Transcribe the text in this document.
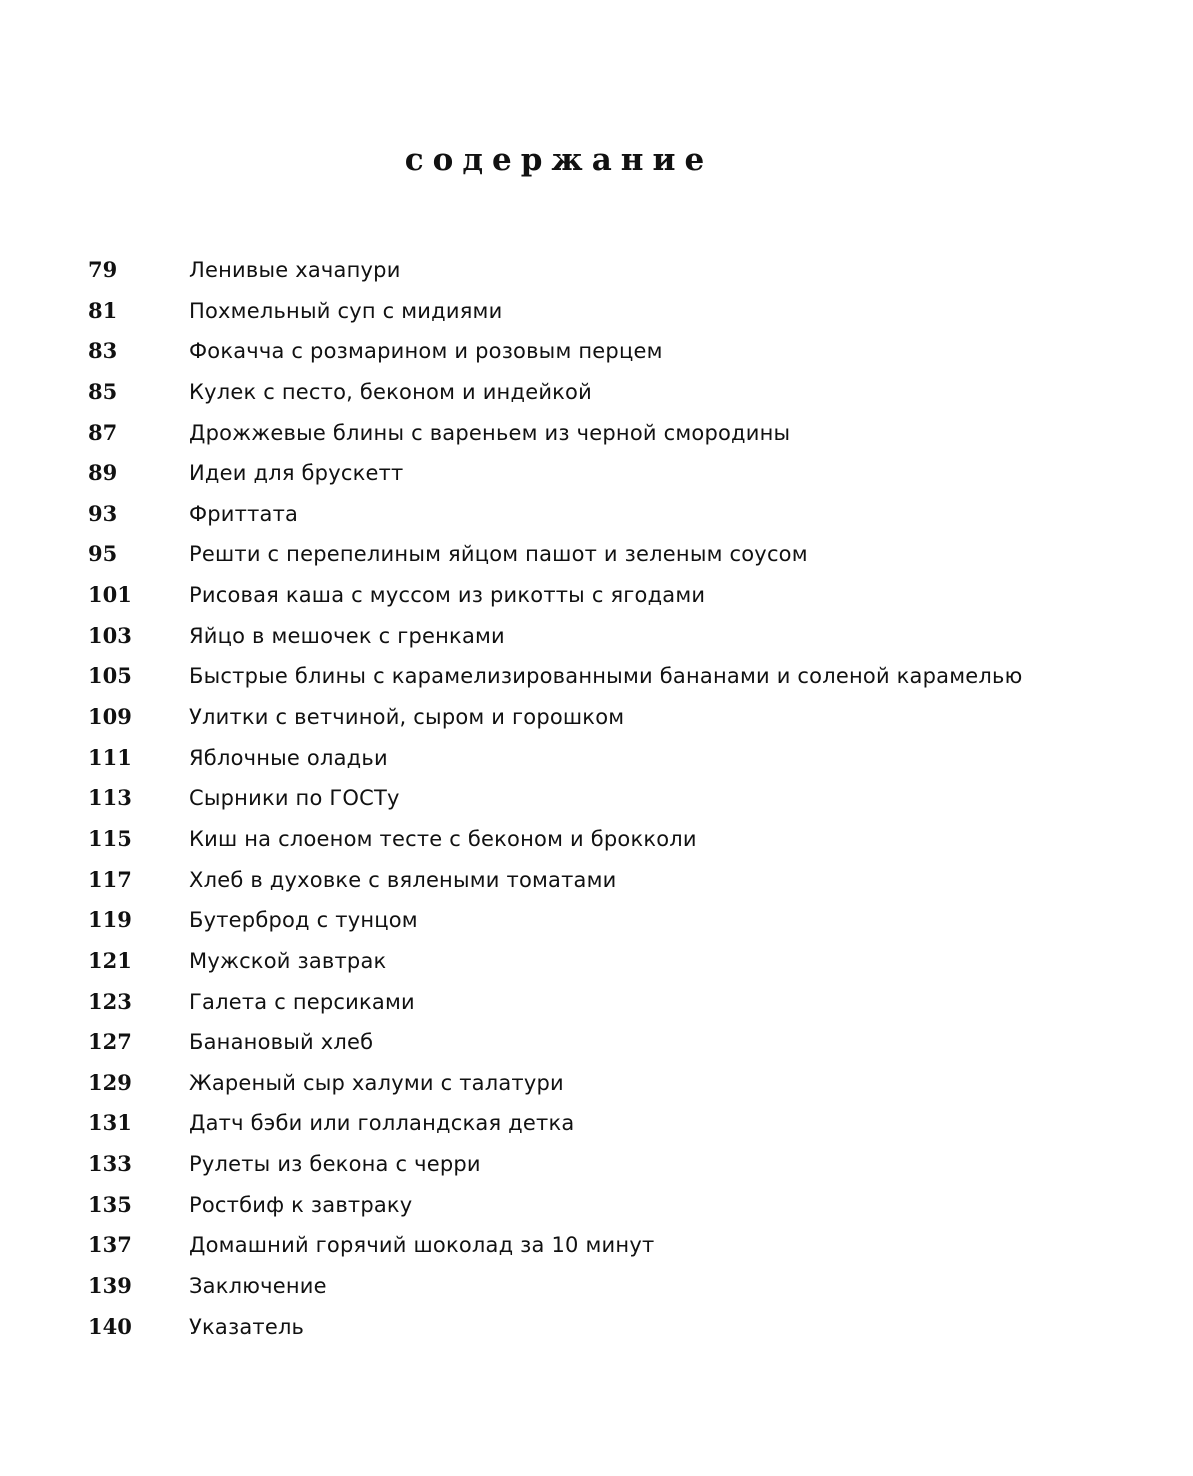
содержание
79	Ленивые хачапури
81	Похмельный суп с мидиями
83	Фокачча с розмарином и розовым перцем
85	Кулек с песто, беконом и индейкой
87	Дрожжевые блины с вареньем из черной смородины
89	Идеи для брускетт
93	Фриттата
95	Решти с перепелиным яйцом пашот и зеленым соусом
101	Рисовая каша с муссом из рикотты с ягодами
103	Яйцо в мешочек с гренками
105	Быстрые блины с карамелизированными бананами и соленой карамелью
109	Улитки с ветчиной, сыром и горошком
111	Яблочные оладьи
113	Сырники по ГОСТу
115	Киш на слоеном тесте с беконом и брокколи
117	Хлеб в духовке с вялеными томатами
119	Бутерброд с тунцом
121	Мужской завтрак
123	Галета с персиками
127	Банановый хлеб
129	Жареный сыр халуми с талатури
131	Датч бэби или голландская детка
133	Рулеты из бекона с черри
135	Ростбиф к завтраку
137	Домашний горячий шоколад за 10 минут
139	Заключение
140	Указатель
